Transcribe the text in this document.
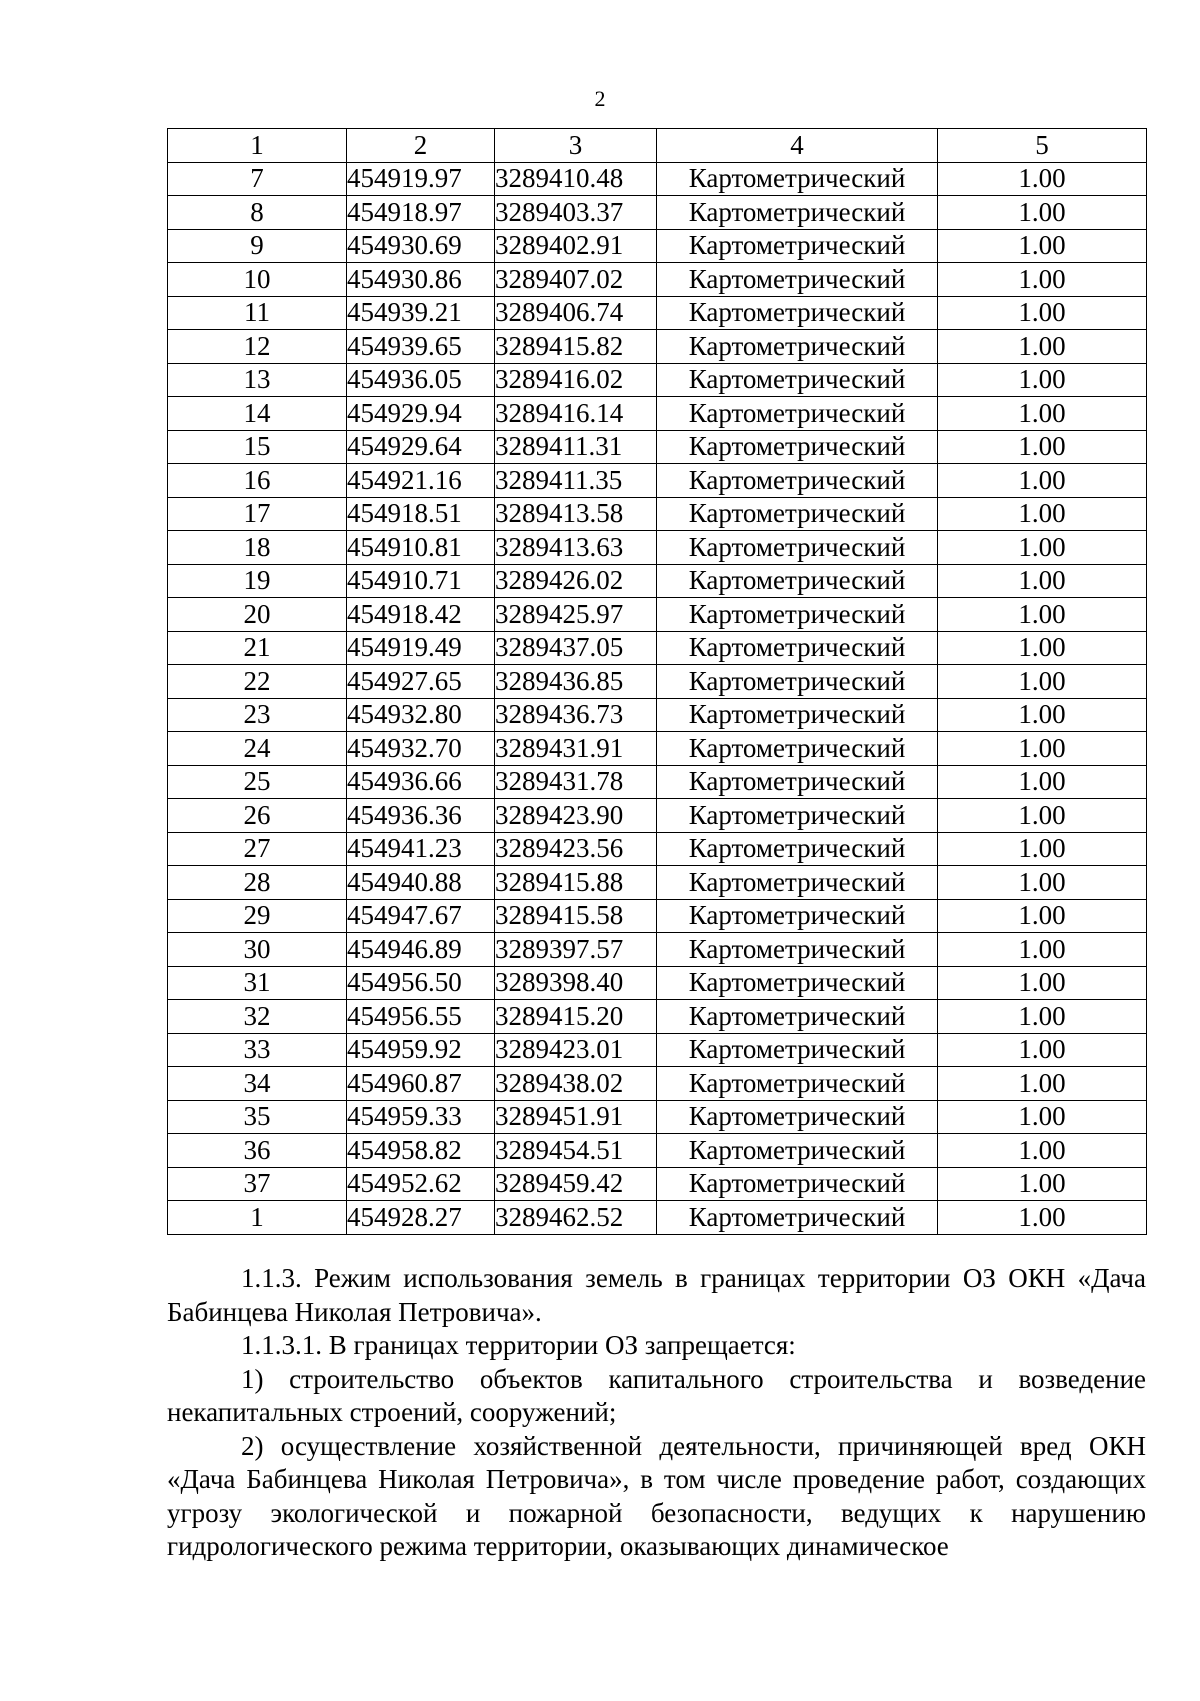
2
1	2	3	4	5
7	454919.97	3289410.48	Картометрический	1.00
8	454918.97	3289403.37	Картометрический	1.00
9	454930.69	3289402.91	Картометрический	1.00
10	454930.86	3289407.02	Картометрический	1.00
11	454939.21	3289406.74	Картометрический	1.00
12	454939.65	3289415.82	Картометрический	1.00
13	454936.05	3289416.02	Картометрический	1.00
14	454929.94	3289416.14	Картометрический	1.00
15	454929.64	3289411.31	Картометрический	1.00
16	454921.16	3289411.35	Картометрический	1.00
17	454918.51	3289413.58	Картометрический	1.00
18	454910.81	3289413.63	Картометрический	1.00
19	454910.71	3289426.02	Картометрический	1.00
20	454918.42	3289425.97	Картометрический	1.00
21	454919.49	3289437.05	Картометрический	1.00
22	454927.65	3289436.85	Картометрический	1.00
23	454932.80	3289436.73	Картометрический	1.00
24	454932.70	3289431.91	Картометрический	1.00
25	454936.66	3289431.78	Картометрический	1.00
26	454936.36	3289423.90	Картометрический	1.00
27	454941.23	3289423.56	Картометрический	1.00
28	454940.88	3289415.88	Картометрический	1.00
29	454947.67	3289415.58	Картометрический	1.00
30	454946.89	3289397.57	Картометрический	1.00
31	454956.50	3289398.40	Картометрический	1.00
32	454956.55	3289415.20	Картометрический	1.00
33	454959.92	3289423.01	Картометрический	1.00
34	454960.87	3289438.02	Картометрический	1.00
35	454959.33	3289451.91	Картометрический	1.00
36	454958.82	3289454.51	Картометрический	1.00
37	454952.62	3289459.42	Картометрический	1.00
1	454928.27	3289462.52	Картометрический	1.00

1.1.3. Режим использования земель в границах территории ОЗ ОКН «Дача Бабинцева Николая Петровича».

1.1.3.1. В границах территории ОЗ запрещается:

1) строительство объектов капитального строительства и возведение некапитальных строений, сооружений;

2) осуществление хозяйственной деятельности, причиняющей вред ОКН «Дача Бабинцева Николая Петровича», в том числе проведение работ, создающих угрозу экологической и пожарной безопасности, ведущих к нарушению гидрологического режима территории, оказывающих динамическое
